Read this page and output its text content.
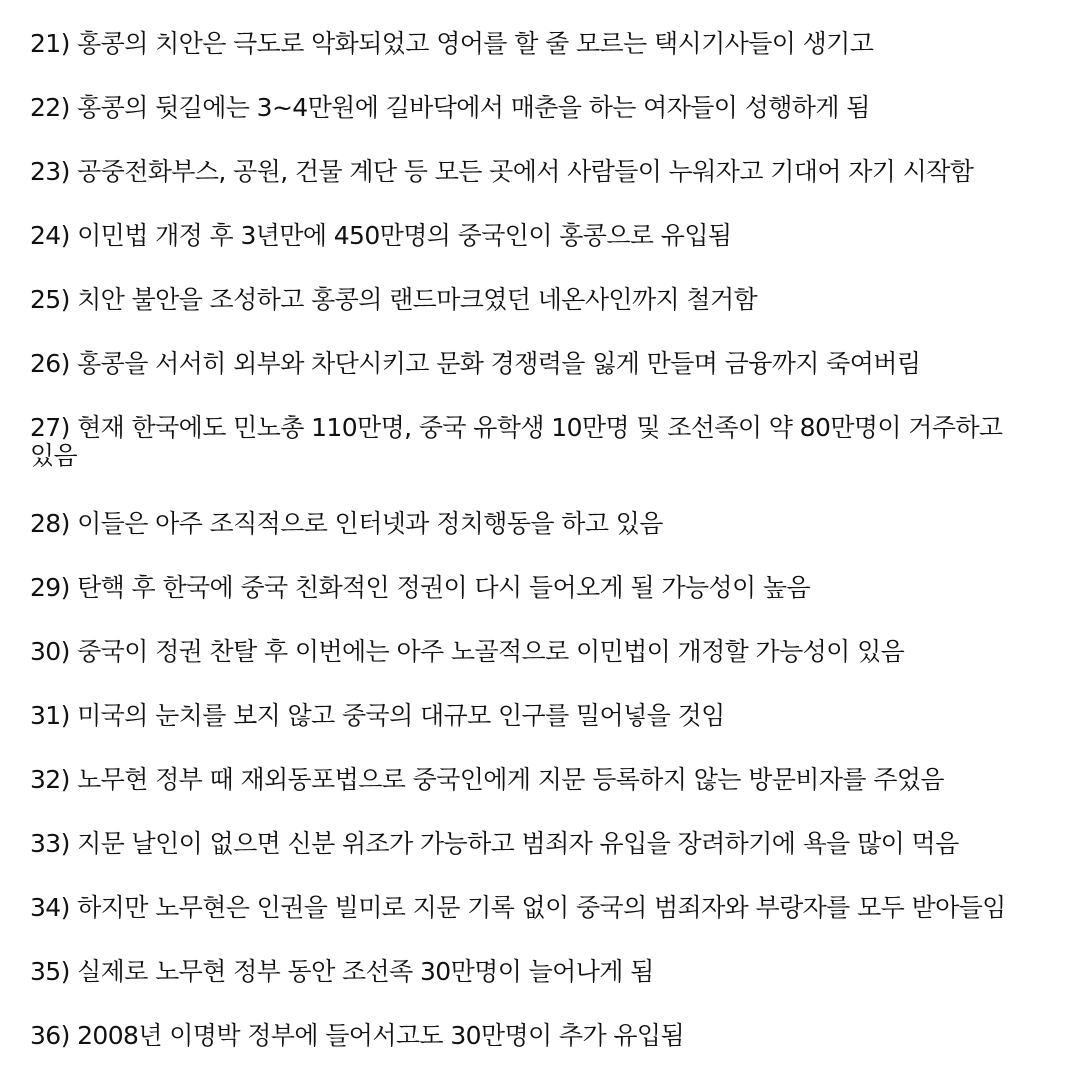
21) 홍콩의 치안은 극도로 악화되었고 영어를 할 줄 모르는 택시기사들이 생기고
22) 홍콩의 뒷길에는 3~4만원에 길바닥에서 매춘을 하는 여자들이 성행하게 됨
23) 공중전화부스, 공원, 건물 계단 등 모든 곳에서 사람들이 누워자고 기대어 자기 시작함
24) 이민법 개정 후 3년만에 450만명의 중국인이 홍콩으로 유입됨
25) 치안 불안을 조성하고 홍콩의 랜드마크였던 네온사인까지 철거함
26) 홍콩을 서서히 외부와 차단시키고 문화 경쟁력을 잃게 만들며 금융까지 죽여버림
27) 현재 한국에도 민노총 110만명, 중국 유학생 10만명 및 조선족이 약 80만명이 거주하고
있음
28) 이들은 아주 조직적으로 인터넷과 정치행동을 하고 있음
29) 탄핵 후 한국에 중국 친화적인 정권이 다시 들어오게 될 가능성이 높음
30) 중국이 정권 찬탈 후 이번에는 아주 노골적으로 이민법이 개정할 가능성이 있음
31) 미국의 눈치를 보지 않고 중국의 대규모 인구를 밀어넣을 것임
32) 노무현 정부 때 재외동포법으로 중국인에게 지문 등록하지 않는 방문비자를 주었음
33) 지문 날인이 없으면 신분 위조가 가능하고 범죄자 유입을 장려하기에 욕을 많이 먹음
34) 하지만 노무현은 인권을 빌미로 지문 기록 없이 중국의 범죄자와 부랑자를 모두 받아들임
35) 실제로 노무현 정부 동안 조선족 30만명이 늘어나게 됨
36) 2008년 이명박 정부에 들어서고도 30만명이 추가 유입됨
